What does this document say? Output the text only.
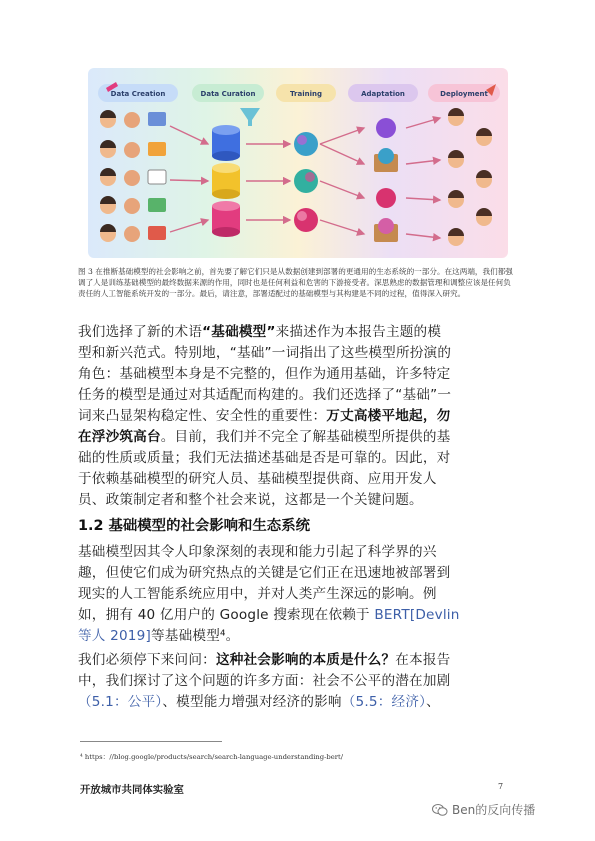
Data Creation	Data Curation	Training	Adaptation	Deployment
图 3 在推断基础模型的社会影响之前，首先要了解它们只是从数据创建到部署的更通用的生态系统的一部分。在这两端，我们都强调了人是训练基础模型的最终数据来源的作用，同时也是任何利益和危害的下游接受者。深思熟虑的数据管理和调整应该是任何负责任的人工智能系统开发的一部分。最后，请注意，部署适配过的基础模型与其构建是不同的过程，值得深入研究。
我们选择了新的术语“基础模型”来描述作为本报告主题的模
型和新兴范式。特别地，“基础”一词指出了这些模型所扮演的
角色：基础模型本身是不完整的，但作为通用基础，许多特定
任务的模型是通过对其适配而构建的。我们还选择了“基础”一
词来凸显架构稳定性、安全性的重要性：万丈高楼平地起，勿
在浮沙筑高台。目前，我们并不完全了解基础模型所提供的基
础的性质或质量；我们无法描述基础是否是可靠的。因此，对
于依赖基础模型的研究人员、基础模型提供商、应用开发人
员、政策制定者和整个社会来说，这都是一个关键问题。
1.2 基础模型的社会影响和生态系统
基础模型因其令人印象深刻的表现和能力引起了科学界的兴
趣，但使它们成为研究热点的关键是它们正在迅速地被部署到
现实的人工智能系统应用中，并对人类产生深远的影响。例
如，拥有 40 亿用户的 Google 搜索现在依赖于 BERT[Devlin
等人 2019]等基础模型⁴。
我们必须停下来问问：这种社会影响的本质是什么？在本报告
中，我们探讨了这个问题的许多方面：社会不公平的潜在加剧
（5.1：公平）、模型能力增强对经济的影响（5.5：经济）、
⁴ https：//blog.google/products/search/search-language-understanding-bert/
开放城市共同体实验室	7
Ben的反向传播
